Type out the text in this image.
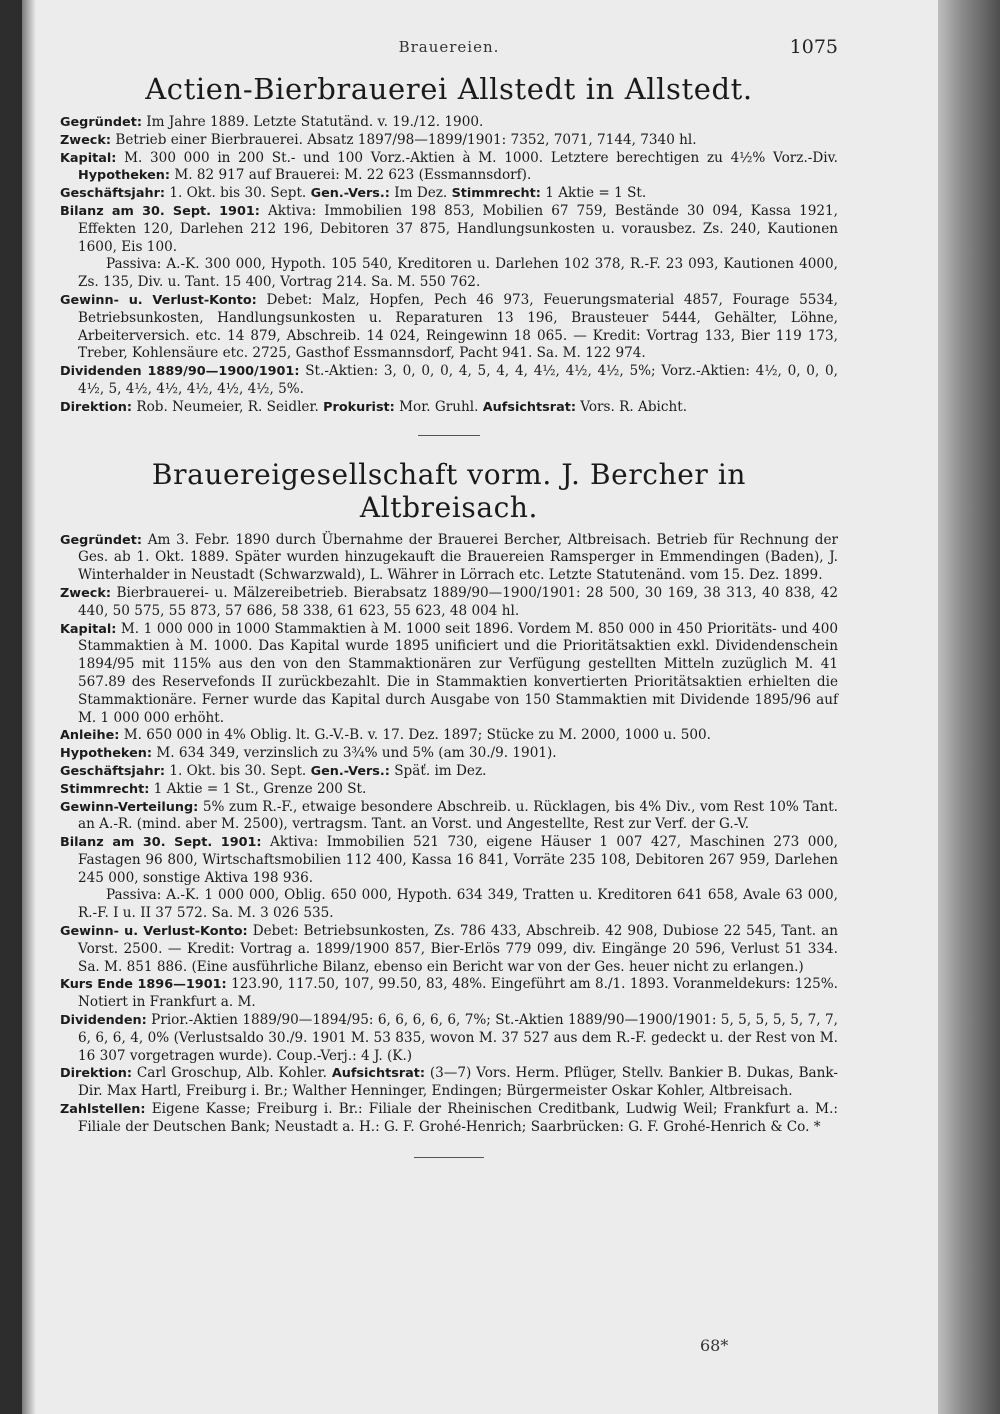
Brauereien.	1075
Actien-Bierbrauerei Allstedt in Allstedt.

Gegründet: Im Jahre 1889. Letzte Statutänd. v. 19./12. 1900.

Zweck: Betrieb einer Bierbrauerei. Absatz 1897/98—1899/1901: 7352, 7071, 7144, 7340 hl.

Kapital: M. 300 000 in 200 St.- und 100 Vorz.-Aktien à M. 1000. Letztere berechtigen zu 4½% Vorz.-Div. Hypotheken: M. 82 917 auf Brauerei: M. 22 623 (Essmannsdorf).

Geschäftsjahr: 1. Okt. bis 30. Sept. Gen.-Vers.: Im Dez. Stimmrecht: 1 Aktie = 1 St.

Bilanz am 30. Sept. 1901: Aktiva: Immobilien 198 853, Mobilien 67 759, Bestände 30 094, Kassa 1921, Effekten 120, Darlehen 212 196, Debitoren 37 875, Handlungsunkosten u. vorausbez. Zs. 240, Kautionen 1600, Eis 100.

Passiva: A.-K. 300 000, Hypoth. 105 540, Kreditoren u. Darlehen 102 378, R.-F. 23 093, Kautionen 4000, Zs. 135, Div. u. Tant. 15 400, Vortrag 214. Sa. M. 550 762.

Gewinn- u. Verlust-Konto: Debet: Malz, Hopfen, Pech 46 973, Feuerungsmaterial 4857, Fourage 5534, Betriebsunkosten, Handlungsunkosten u. Reparaturen 13 196, Brausteuer 5444, Gehälter, Löhne, Arbeiterversich. etc. 14 879, Abschreib. 14 024, Reingewinn 18 065. — Kredit: Vortrag 133, Bier 119 173, Treber, Kohlensäure etc. 2725, Gasthof Essmannsdorf, Pacht 941. Sa. M. 122 974.

Dividenden 1889/90—1900/1901: St.-Aktien: 3, 0, 0, 0, 4, 5, 4, 4, 4½, 4½, 4½, 5%; Vorz.-Aktien: 4½, 0, 0, 0, 4½, 5, 4½, 4½, 4½, 4½, 4½, 5%.

Direktion: Rob. Neumeier, R. Seidler. Prokurist: Mor. Gruhl. Aufsichtsrat: Vors. R. Abicht.

Brauereigesellschaft vorm. J. Bercher in Altbreisach.

Gegründet: Am 3. Febr. 1890 durch Übernahme der Brauerei Bercher, Altbreisach. Betrieb für Rechnung der Ges. ab 1. Okt. 1889. Später wurden hinzugekauft die Brauereien Ramsperger in Emmendingen (Baden), J. Winterhalder in Neustadt (Schwarzwald), L. Währer in Lörrach etc. Letzte Statutenänd. vom 15. Dez. 1899.

Zweck: Bierbrauerei- u. Mälzereibetrieb. Bierabsatz 1889/90—1900/1901: 28 500, 30 169, 38 313, 40 838, 42 440, 50 575, 55 873, 57 686, 58 338, 61 623, 55 623, 48 004 hl.

Kapital: M. 1 000 000 in 1000 Stammaktien à M. 1000 seit 1896. Vordem M. 850 000 in 450 Prioritäts- und 400 Stammaktien à M. 1000. Das Kapital wurde 1895 unificiert und die Prioritätsaktien exkl. Dividendenschein 1894/95 mit 115% aus den von den Stammaktionären zur Verfügung gestellten Mitteln zuzüglich M. 41 567.89 des Reservefonds II zurückbezahlt. Die in Stammaktien konvertierten Prioritätsaktien erhielten die Stammaktionäre. Ferner wurde das Kapital durch Ausgabe von 150 Stammaktien mit Dividende 1895/96 auf M. 1 000 000 erhöht.

Anleihe: M. 650 000 in 4% Oblig. lt. G.-V.-B. v. 17. Dez. 1897; Stücke zu M. 2000, 1000 u. 500.

Hypotheken: M. 634 349, verzinslich zu 3¾% und 5% (am 30./9. 1901).

Geschäftsjahr: 1. Okt. bis 30. Sept. Gen.-Vers.: Späť. im Dez.

Stimmrecht: 1 Aktie = 1 St., Grenze 200 St.

Gewinn-Verteilung: 5% zum R.-F., etwaige besondere Abschreib. u. Rücklagen, bis 4% Div., vom Rest 10% Tant. an A.-R. (mind. aber M. 2500), vertragsm. Tant. an Vorst. und Angestellte, Rest zur Verf. der G.-V.

Bilanz am 30. Sept. 1901: Aktiva: Immobilien 521 730, eigene Häuser 1 007 427, Maschinen 273 000, Fastagen 96 800, Wirtschaftsmobilien 112 400, Kassa 16 841, Vorräte 235 108, Debitoren 267 959, Darlehen 245 000, sonstige Aktiva 198 936.

Passiva: A.-K. 1 000 000, Oblig. 650 000, Hypoth. 634 349, Tratten u. Kreditoren 641 658, Avale 63 000, R.-F. I u. II 37 572. Sa. M. 3 026 535.

Gewinn- u. Verlust-Konto: Debet: Betriebsunkosten, Zs. 786 433, Abschreib. 42 908, Dubiose 22 545, Tant. an Vorst. 2500. — Kredit: Vortrag a. 1899/1900 857, Bier-Erlös 779 099, div. Eingänge 20 596, Verlust 51 334. Sa. M. 851 886. (Eine ausführliche Bilanz, ebenso ein Bericht war von der Ges. heuer nicht zu erlangen.)

Kurs Ende 1896—1901: 123.90, 117.50, 107, 99.50, 83, 48%. Eingeführt am 8./1. 1893. Voranmeldekurs: 125%. Notiert in Frankfurt a. M.

Dividenden: Prior.-Aktien 1889/90—1894/95: 6, 6, 6, 6, 6, 7%; St.-Aktien 1889/90—1900/1901: 5, 5, 5, 5, 5, 7, 7, 6, 6, 6, 4, 0% (Verlustsaldo 30./9. 1901 M. 53 835, wovon M. 37 527 aus dem R.-F. gedeckt u. der Rest von M. 16 307 vorgetragen wurde). Coup.-Verj.: 4 J. (K.)

Direktion: Carl Groschup, Alb. Kohler. Aufsichtsrat: (3—7) Vors. Herm. Pflüger, Stellv. Bankier B. Dukas, Bank-Dir. Max Hartl, Freiburg i. Br.; Walther Henninger, Endingen; Bürgermeister Oskar Kohler, Altbreisach.

Zahlstellen: Eigene Kasse; Freiburg i. Br.: Filiale der Rheinischen Creditbank, Ludwig Weil; Frankfurt a. M.: Filiale der Deutschen Bank; Neustadt a. H.: G. F. Grohé-Henrich; Saarbrücken: G. F. Grohé-Henrich & Co. *

68*
